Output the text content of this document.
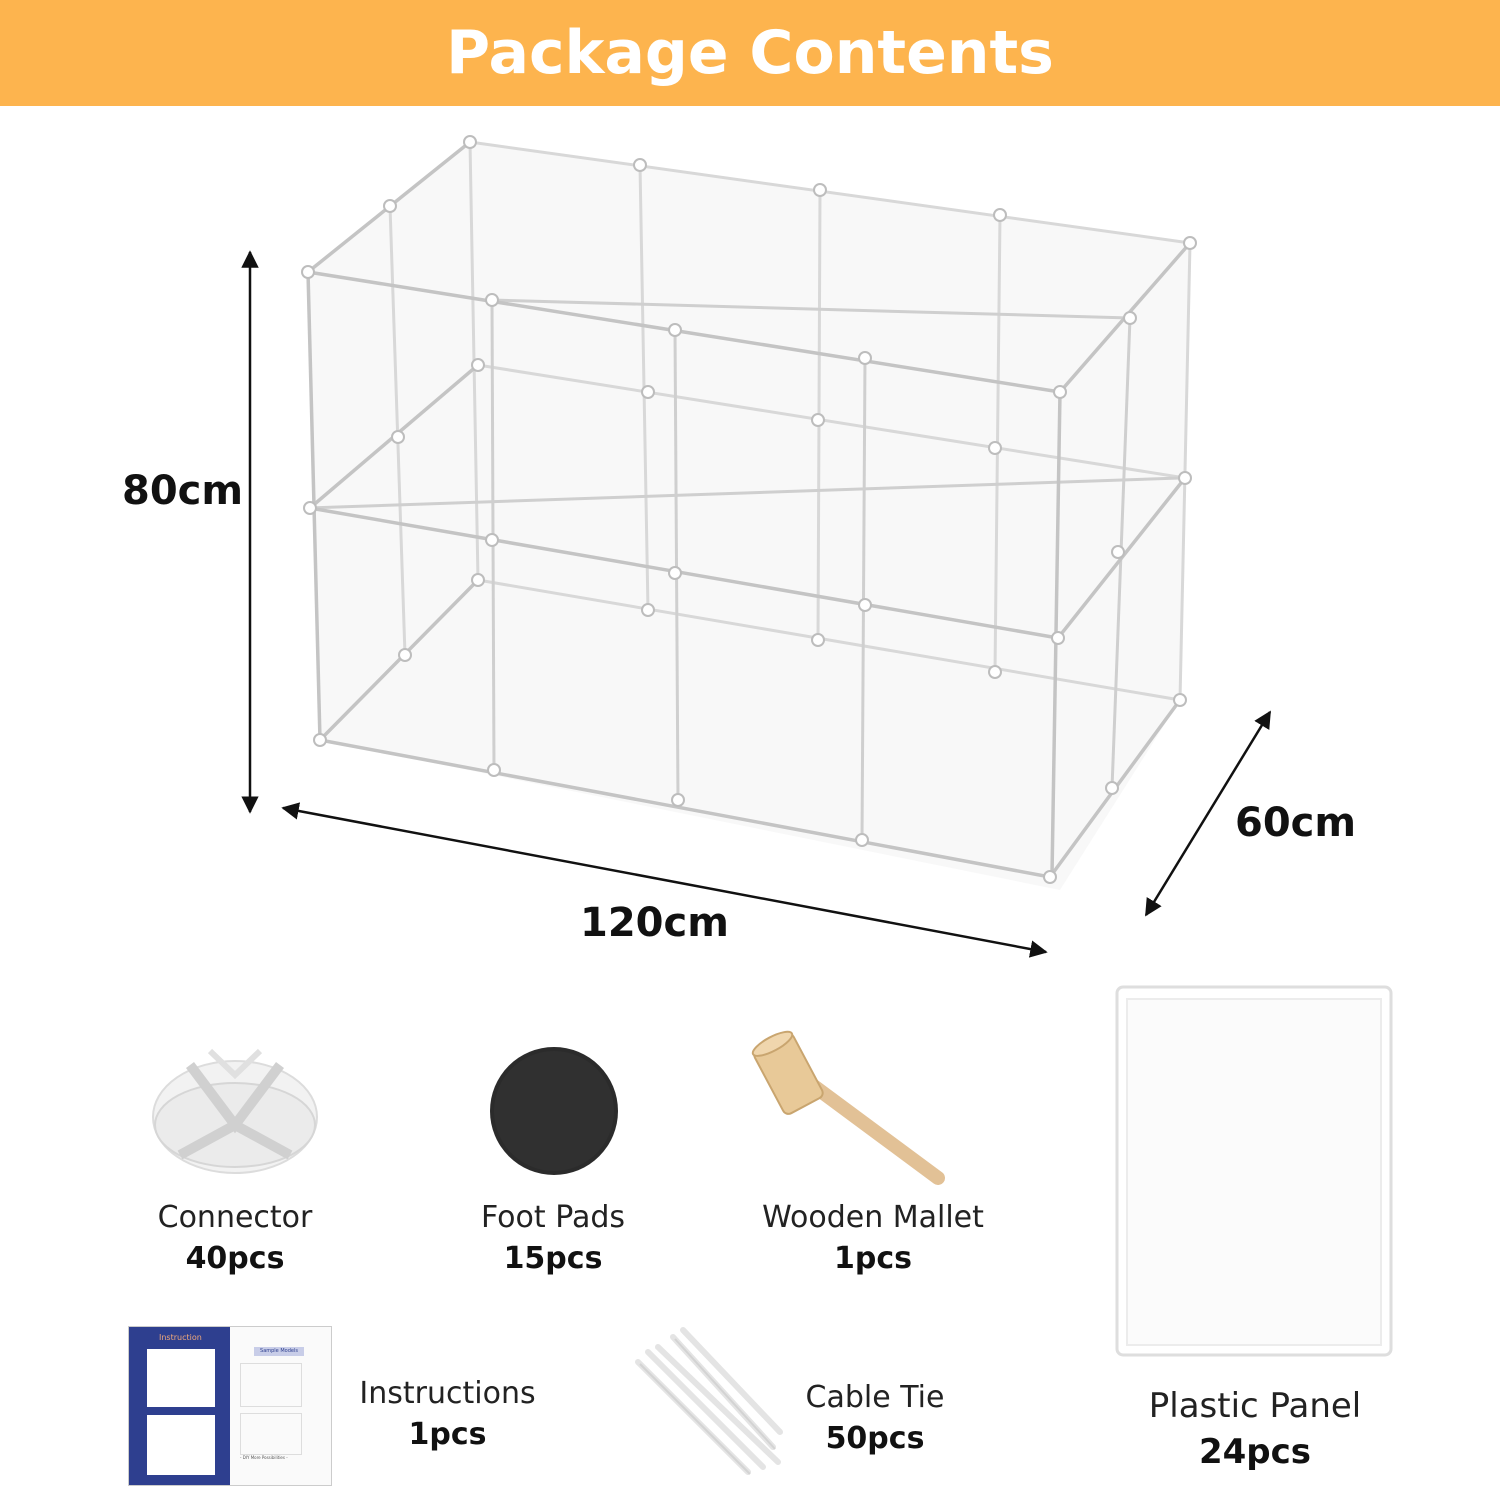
Package Contents
80cm
120cm
60cm
Connector
40pcs
Foot Pads
15pcs
Wooden Mallet
1pcs
Plastic Panel
24pcs
Instruction
Sample Models
- DIY More Possibilities -
Instructions
1pcs
Cable Tie
50pcs
